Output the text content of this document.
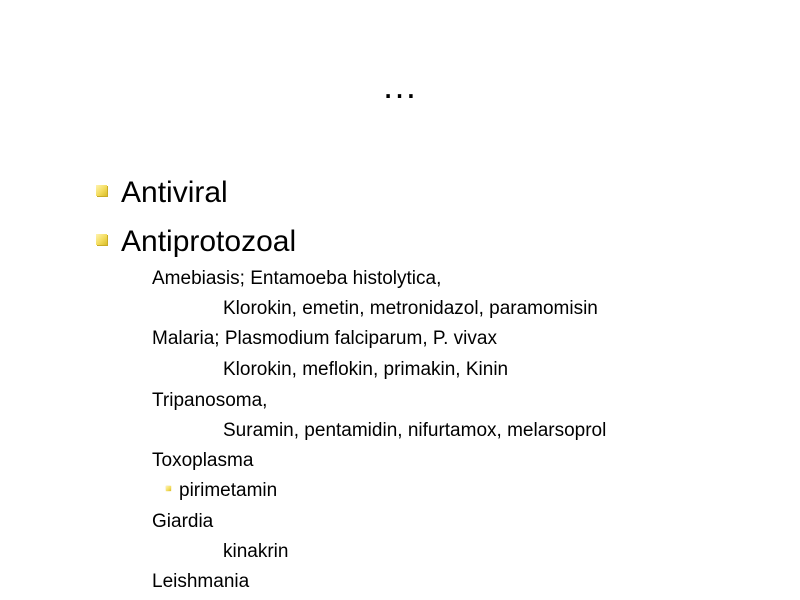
…
Antiviral
Antiprotozoal
Amebiasis; Entamoeba histolytica,
Klorokin, emetin, metronidazol, paramomisin
Malaria; Plasmodium falciparum, P. vivax
Klorokin, meflokin, primakin, Kinin
Tripanosoma,
Suramin, pentamidin, nifurtamox, melarsoprol
Toxoplasma
pirimetamin
Giardia
kinakrin
Leishmania
